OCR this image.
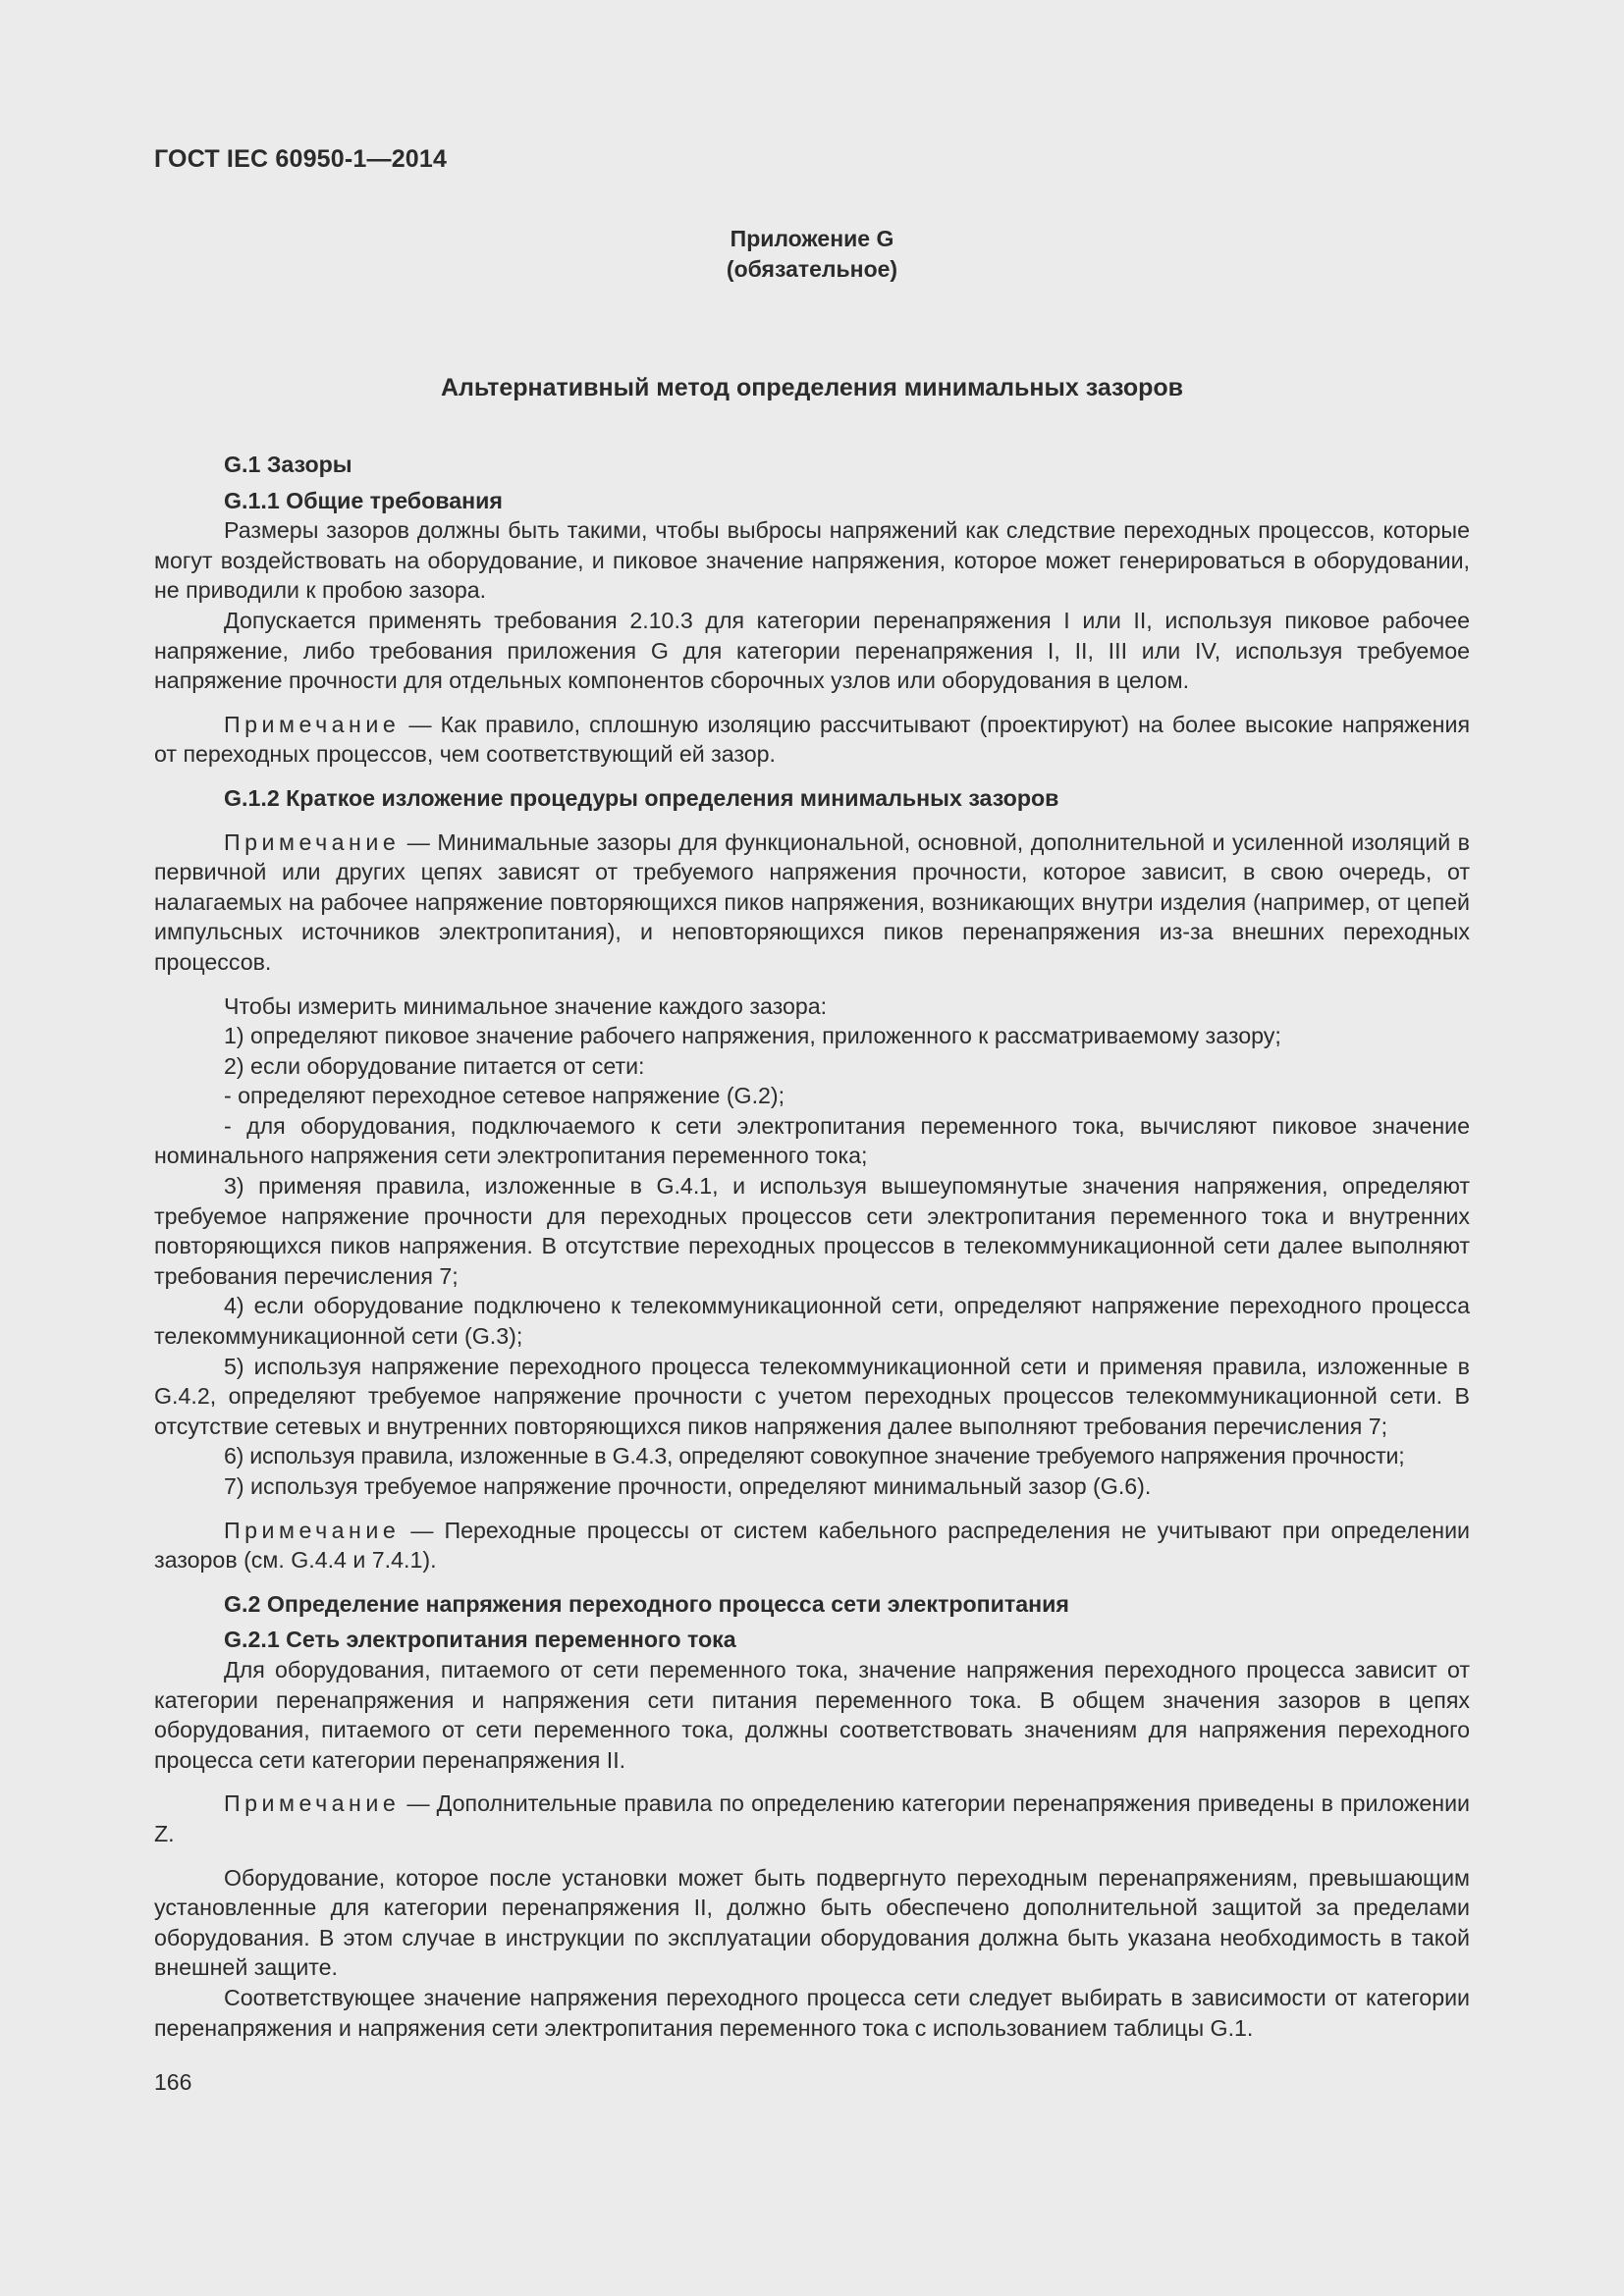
ГОСТ IEC 60950-1—2014
Приложение G
(обязательное)
Альтернативный метод определения минимальных зазоров

G.1 Зазоры

G.1.1 Общие требования

Размеры зазоров должны быть такими, чтобы выбросы напряжений как следствие переходных процессов, которые могут воздействовать на оборудование, и пиковое значение напряжения, которое может генерироваться в оборудовании, не приводили к пробою зазора.

Допускается применять требования 2.10.3 для категории перенапряжения I или II, используя пиковое рабочее напряжение, либо требования приложения G для категории перенапряжения I, II, III или IV, используя требуемое напряжение прочности для отдельных компонентов сборочных узлов или оборудования в целом.

Примечание — Как правило, сплошную изоляцию рассчитывают (проектируют) на более высокие напряжения от переходных процессов, чем соответствующий ей зазор.

G.1.2 Краткое изложение процедуры определения минимальных зазоров

Примечание — Минимальные зазоры для функциональной, основной, дополнительной и усиленной изоляций в первичной или других цепях зависят от требуемого напряжения прочности, которое зависит, в свою очередь, от налагаемых на рабочее напряжение повторяющихся пиков напряжения, возникающих внутри изделия (например, от цепей импульсных источников электропитания), и неповторяющихся пиков перенапряжения из-за внешних переходных процессов.

Чтобы измерить минимальное значение каждого зазора:

1) определяют пиковое значение рабочего напряжения, приложенного к рассматриваемому зазору;

2) если оборудование питается от сети:

- определяют переходное сетевое напряжение (G.2);

- для оборудования, подключаемого к сети электропитания переменного тока, вычисляют пиковое значение номинального напряжения сети электропитания переменного тока;

3) применяя правила, изложенные в G.4.1, и используя вышеупомянутые значения напряжения, определяют требуемое напряжение прочности для переходных процессов сети электропитания переменного тока и внутренних повторяющихся пиков напряжения. В отсутствие переходных процессов в телекоммуникационной сети далее выполняют требования перечисления 7;

4) если оборудование подключено к телекоммуникационной сети, определяют напряжение переходного процесса телекоммуникационной сети (G.3);

5) используя напряжение переходного процесса телекоммуникационной сети и применяя правила, изложенные в G.4.2, определяют требуемое напряжение прочности с учетом переходных процессов телекоммуникационной сети. В отсутствие сетевых и внутренних повторяющихся пиков напряжения далее выполняют требования перечисления 7;

6) используя правила, изложенные в G.4.3, определяют совокупное значение требуемого напряжения прочности;

7) используя требуемое напряжение прочности, определяют минимальный зазор (G.6).

Примечание — Переходные процессы от систем кабельного распределения не учитывают при определении зазоров (см. G.4.4 и 7.4.1).

G.2 Определение напряжения переходного процесса сети электропитания

G.2.1 Сеть электропитания переменного тока

Для оборудования, питаемого от сети переменного тока, значение напряжения переходного процесса зависит от категории перенапряжения и напряжения сети питания переменного тока. В общем значения зазоров в цепях оборудования, питаемого от сети переменного тока, должны соответствовать значениям для напряжения переходного процесса сети категории перенапряжения II.

Примечание — Дополнительные правила по определению категории перенапряжения приведены в приложении Z.

Оборудование, которое после установки может быть подвергнуто переходным перенапряжениям, превышающим установленные для категории перенапряжения II, должно быть обеспечено дополнительной защитой за пределами оборудования. В этом случае в инструкции по эксплуатации оборудования должна быть указана необходимость в такой внешней защите.

Соответствующее значение напряжения переходного процесса сети следует выбирать в зависимости от категории перенапряжения и напряжения сети электропитания переменного тока с использованием таблицы G.1.

166
